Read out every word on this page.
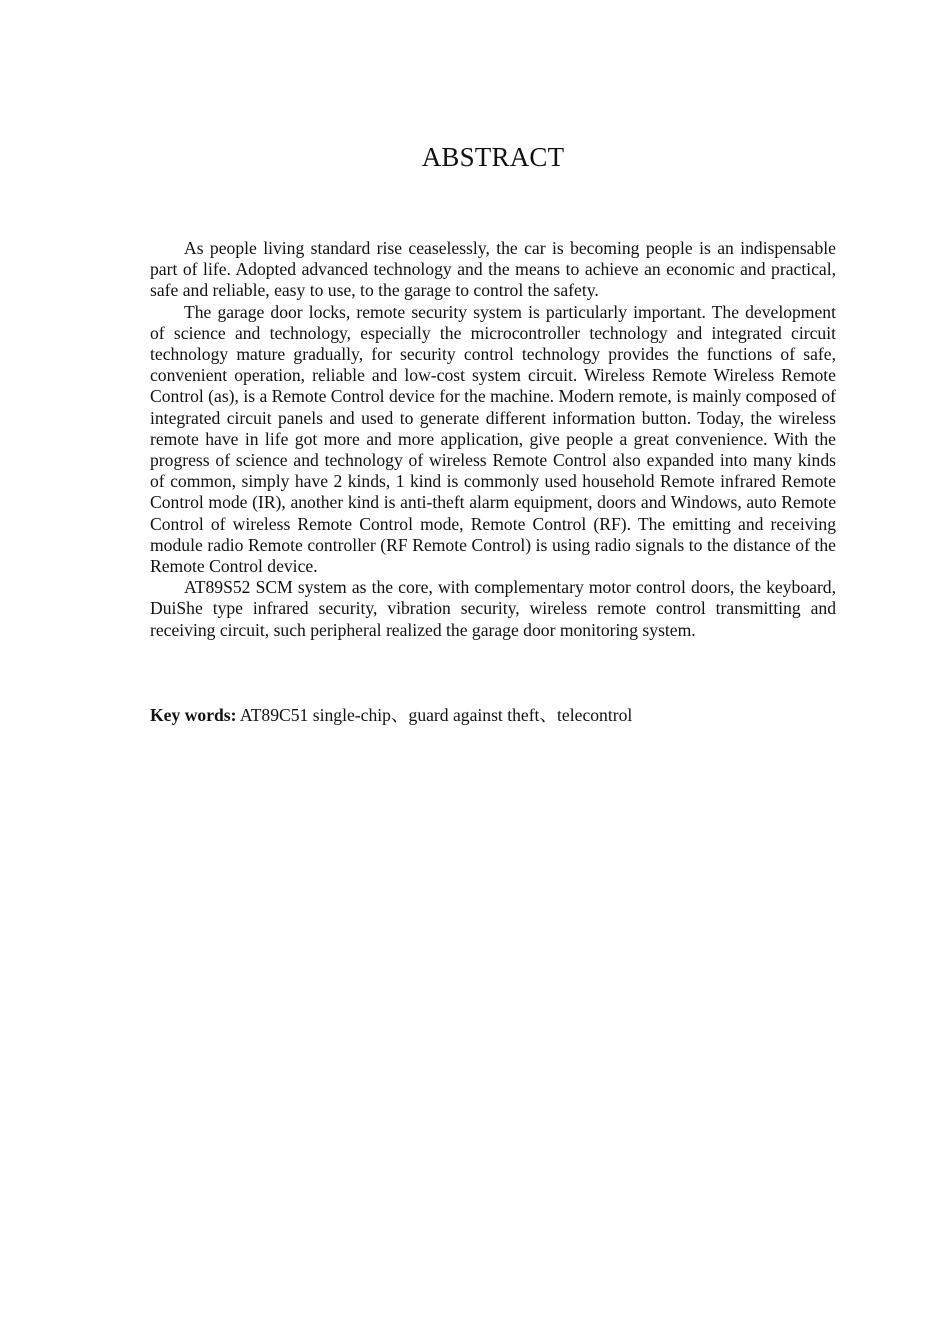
ABSTRACT

As people living standard rise ceaselessly, the car is becoming people is an indispensable part of life. Adopted advanced technology and the means to achieve an economic and practical, safe and reliable, easy to use, to the garage to control the safety.

The garage door locks, remote security system is particularly important. The development of science and technology, especially the microcontroller technology and integrated circuit technology mature gradually, for security control technology provides the functions of safe, convenient operation, reliable and low-cost system circuit. Wireless Remote Wireless Remote Control (as), is a Remote Control device for the machine. Modern remote, is mainly composed of integrated circuit panels and used to generate different information button. Today, the wireless remote have in life got more and more application, give people a great convenience. With the progress of science and technology of wireless Remote Control also expanded into many kinds of common, simply have 2 kinds, 1 kind is commonly used household Remote infrared Remote Control mode (IR), another kind is anti-theft alarm equipment, doors and Windows, auto Remote Control of wireless Remote Control mode, Remote Control (RF). The emitting and receiving module radio Remote controller (RF Remote Control) is using radio signals to the distance of the Remote Control device.

AT89S52 SCM system as the core, with complementary motor control doors, the keyboard, DuiShe type infrared security, vibration security, wireless remote control transmitting and receiving circuit, such peripheral realized the garage door monitoring system.

Key words: AT89C51 single-chip、guard against theft、telecontrol
